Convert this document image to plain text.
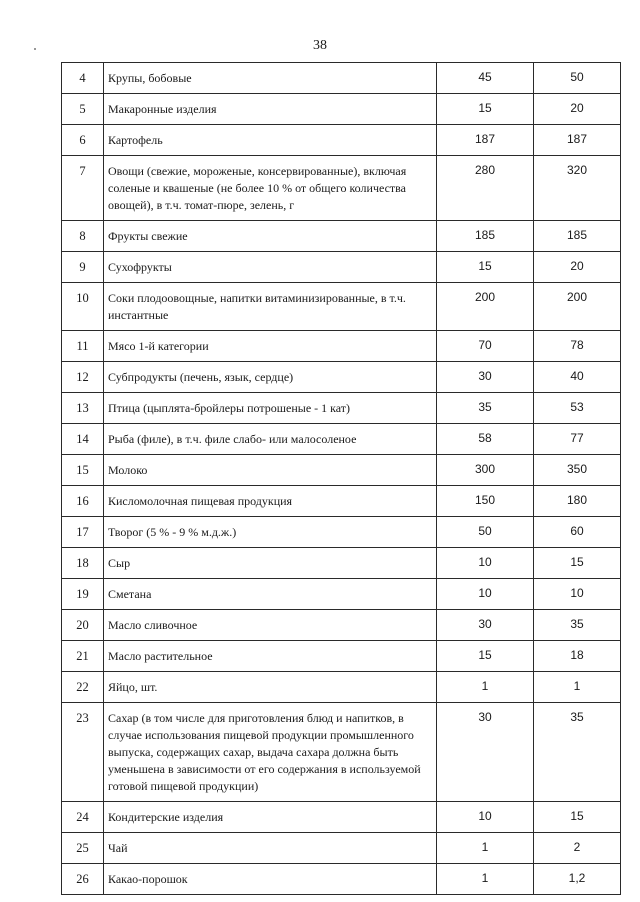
38
4	Крупы, бобовые	45	50
5	Макаронные изделия	15	20
6	Картофель	187	187
7	Овощи (свежие, мороженые, консервированные), включая соленые и квашеные (не более 10 % от общего количества овощей), в т.ч. томат-пюре, зелень, г	280	320
8	Фрукты свежие	185	185
9	Сухофрукты	15	20
10	Соки плодоовощные, напитки витаминизированные, в т.ч. инстантные	200	200
11	Мясо 1-й категории	70	78
12	Субпродукты (печень, язык, сердце)	30	40
13	Птица (цыплята-бройлеры потрошеные - 1 кат)	35	53
14	Рыба (филе), в т.ч. филе слабо- или малосоленое	58	77
15	Молоко	300	350
16	Кисломолочная пищевая продукция	150	180
17	Творог (5 % - 9 % м.д.ж.)	50	60
18	Сыр	10	15
19	Сметана	10	10
20	Масло сливочное	30	35
21	Масло растительное	15	18
22	Яйцо, шт.	1	1
23	Сахар (в том числе для приготовления блюд и напитков, в случае использования пищевой продукции промышленного выпуска, содержащих сахар, выдача сахара должна быть уменьшена в зависимости от его содержания в используемой готовой пищевой продукции)	30	35
24	Кондитерские изделия	10	15
25	Чай	1	2
26	Какао-порошок	1	1,2
